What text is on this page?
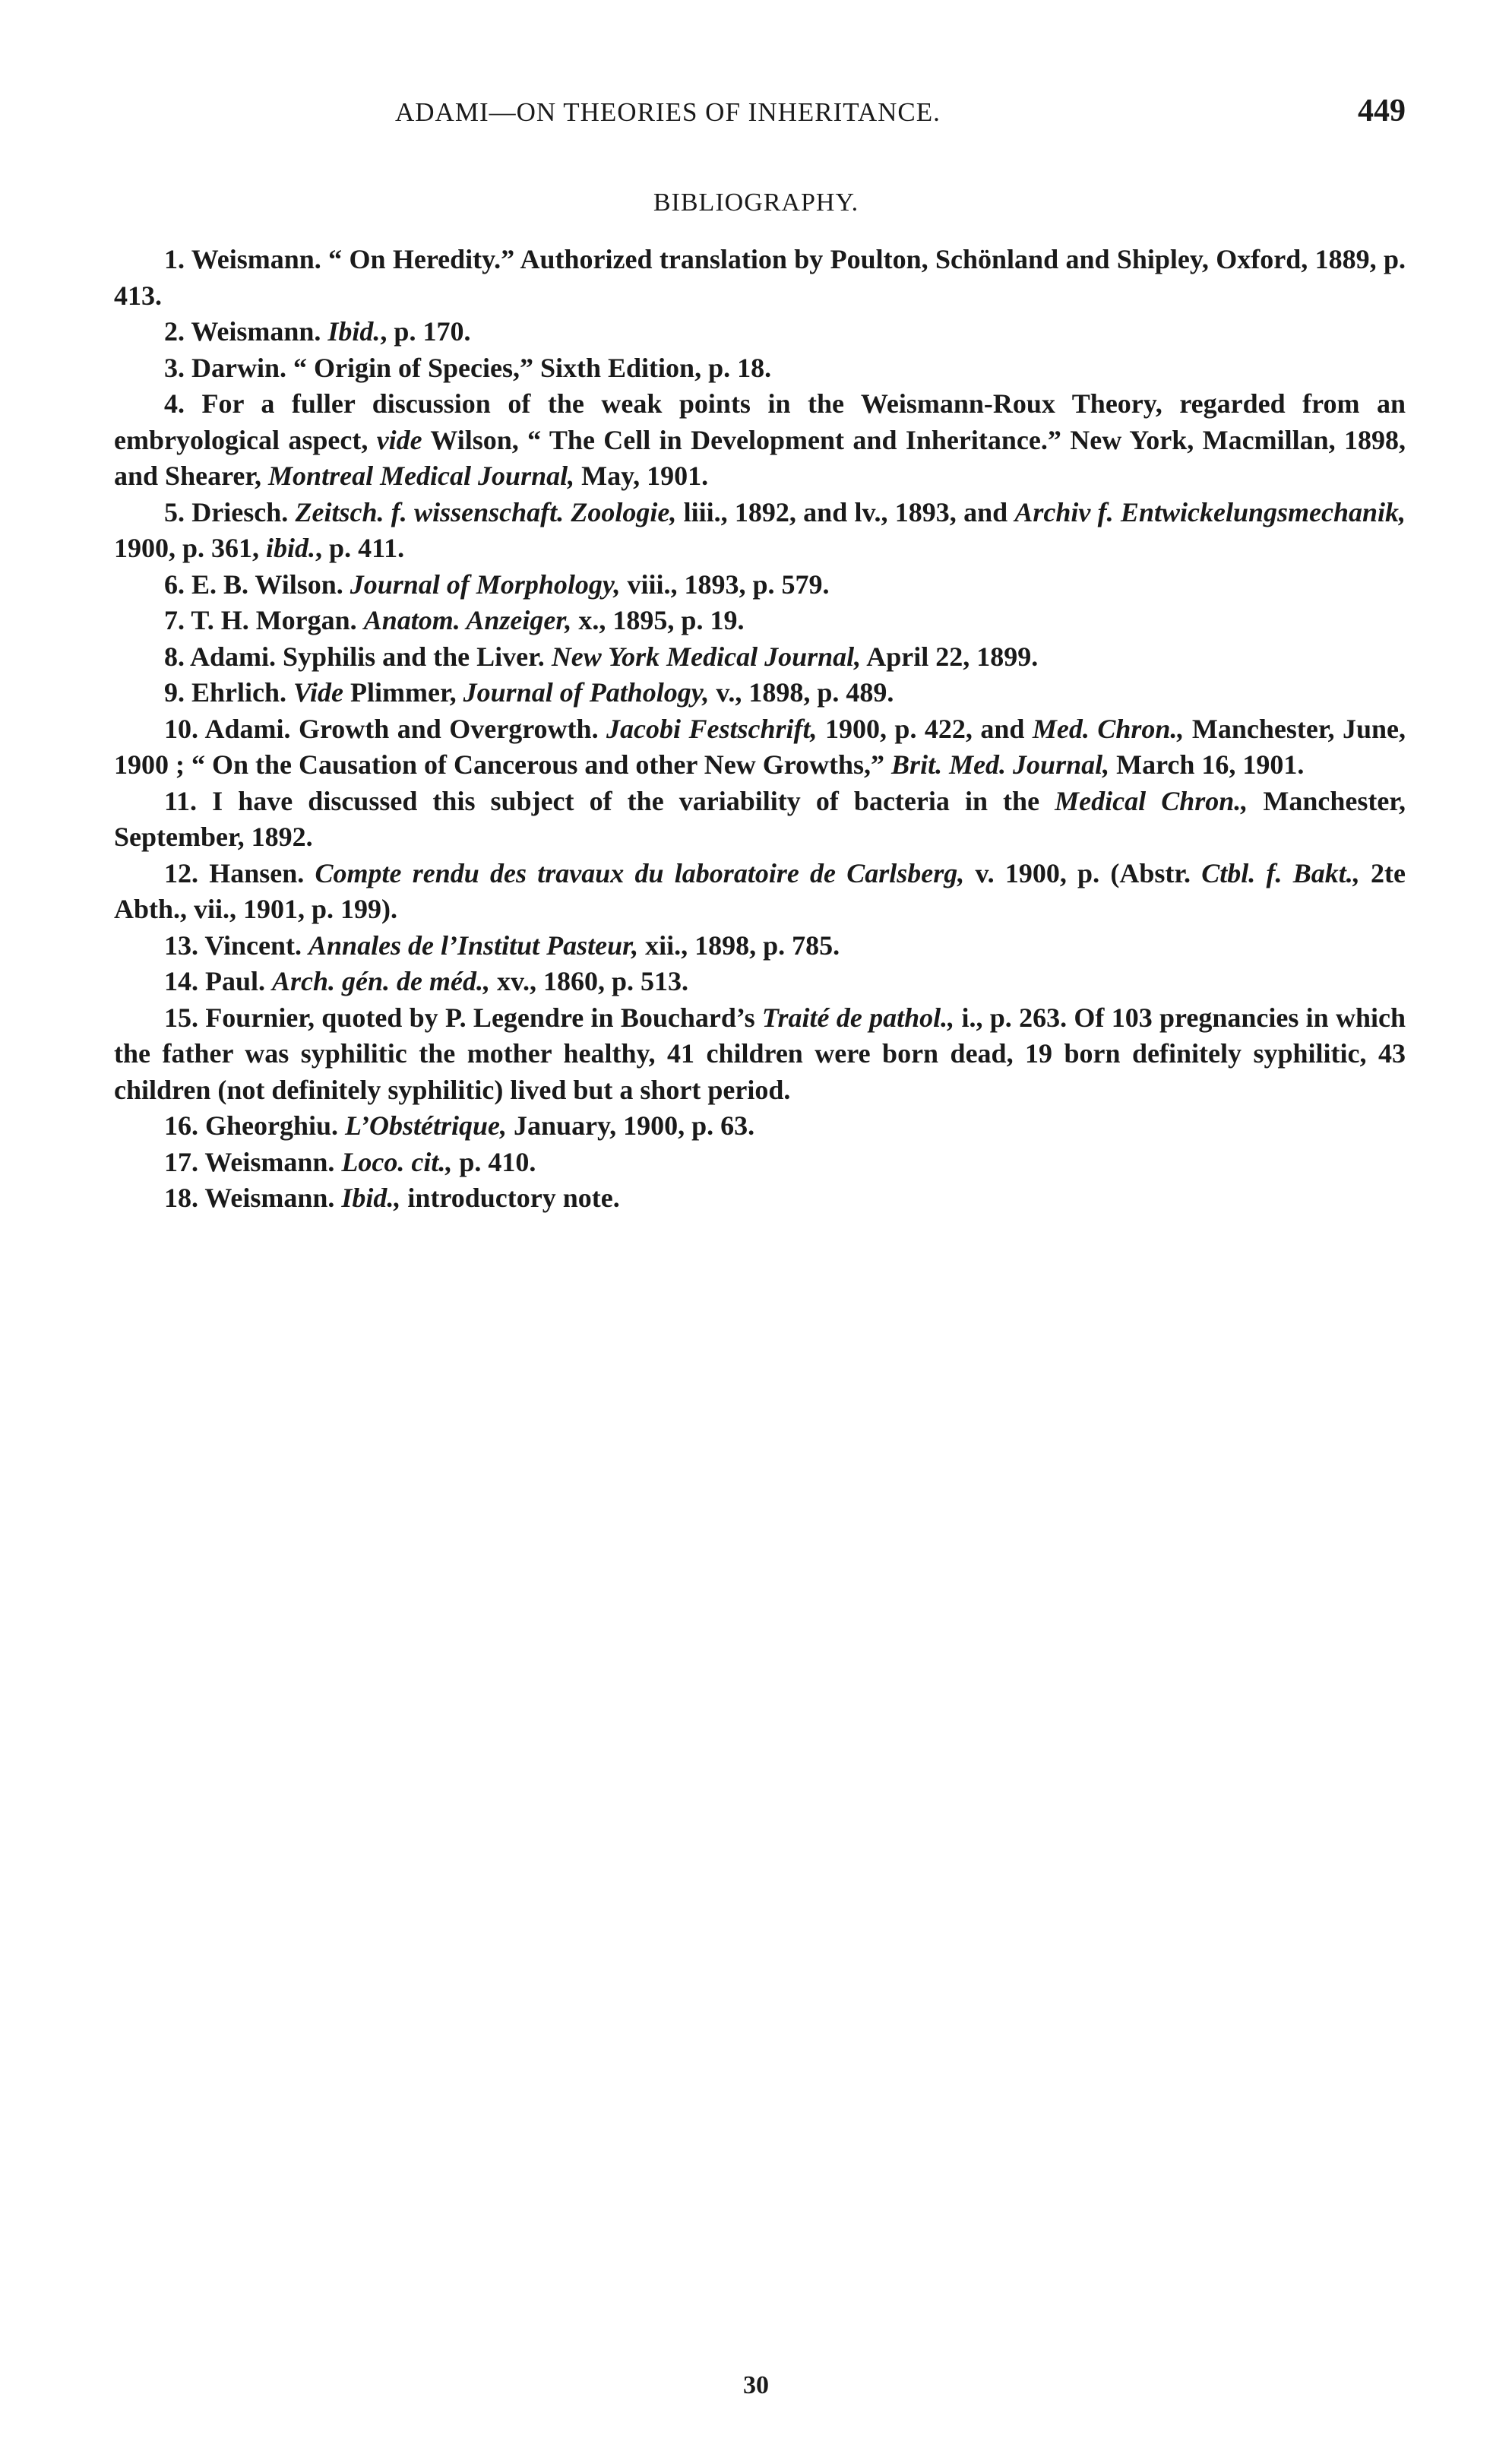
ADAMI—ON THEORIES OF INHERITANCE.	449
BIBLIOGRAPHY.

1. Weismann. “ On Heredity.” Authorized translation by Poulton, Schönland and Shipley, Oxford, 1889, p. 413.

2. Weismann. Ibid., p. 170.

3. Darwin. “ Origin of Species,” Sixth Edition, p. 18.

4. For a fuller discussion of the weak points in the Weismann-Roux Theory, regarded from an embryological aspect, vide Wilson, “ The Cell in Development and Inheritance.” New York, Macmillan, 1898, and Shearer, Montreal Medical Journal, May, 1901.

5. Driesch. Zeitsch. f. wissenschaft. Zoologie, liii., 1892, and lv., 1893, and Archiv f. Entwickelungsmechanik, 1900, p. 361, ibid., p. 411.

6. E. B. Wilson. Journal of Morphology, viii., 1893, p. 579.

7. T. H. Morgan. Anatom. Anzeiger, x., 1895, p. 19.

8. Adami. Syphilis and the Liver. New York Medical Journal, April 22, 1899.

9. Ehrlich. Vide Plimmer, Journal of Pathology, v., 1898, p. 489.

10. Adami. Growth and Overgrowth. Jacobi Festschrift, 1900, p. 422, and Med. Chron., Manchester, June, 1900 ; “ On the Causation of Cancerous and other New Growths,” Brit. Med. Journal, March 16, 1901.

11. I have discussed this subject of the variability of bacteria in the Medical Chron., Manchester, September, 1892.

12. Hansen. Compte rendu des travaux du laboratoire de Carlsberg, v. 1900, p. (Abstr. Ctbl. f. Bakt., 2te Abth., vii., 1901, p. 199).

13. Vincent. Annales de l’Institut Pasteur, xii., 1898, p. 785.

14. Paul. Arch. gén. de méd., xv., 1860, p. 513.

15. Fournier, quoted by P. Legendre in Bouchard’s Traité de pathol., i., p. 263. Of 103 pregnancies in which the father was syphilitic the mother healthy, 41 children were born dead, 19 born definitely syphilitic, 43 children (not definitely syphilitic) lived but a short period.

16. Gheorghiu. L’Obstétrique, January, 1900, p. 63.

17. Weismann. Loco. cit., p. 410.

18. Weismann. Ibid., introductory note.

30
